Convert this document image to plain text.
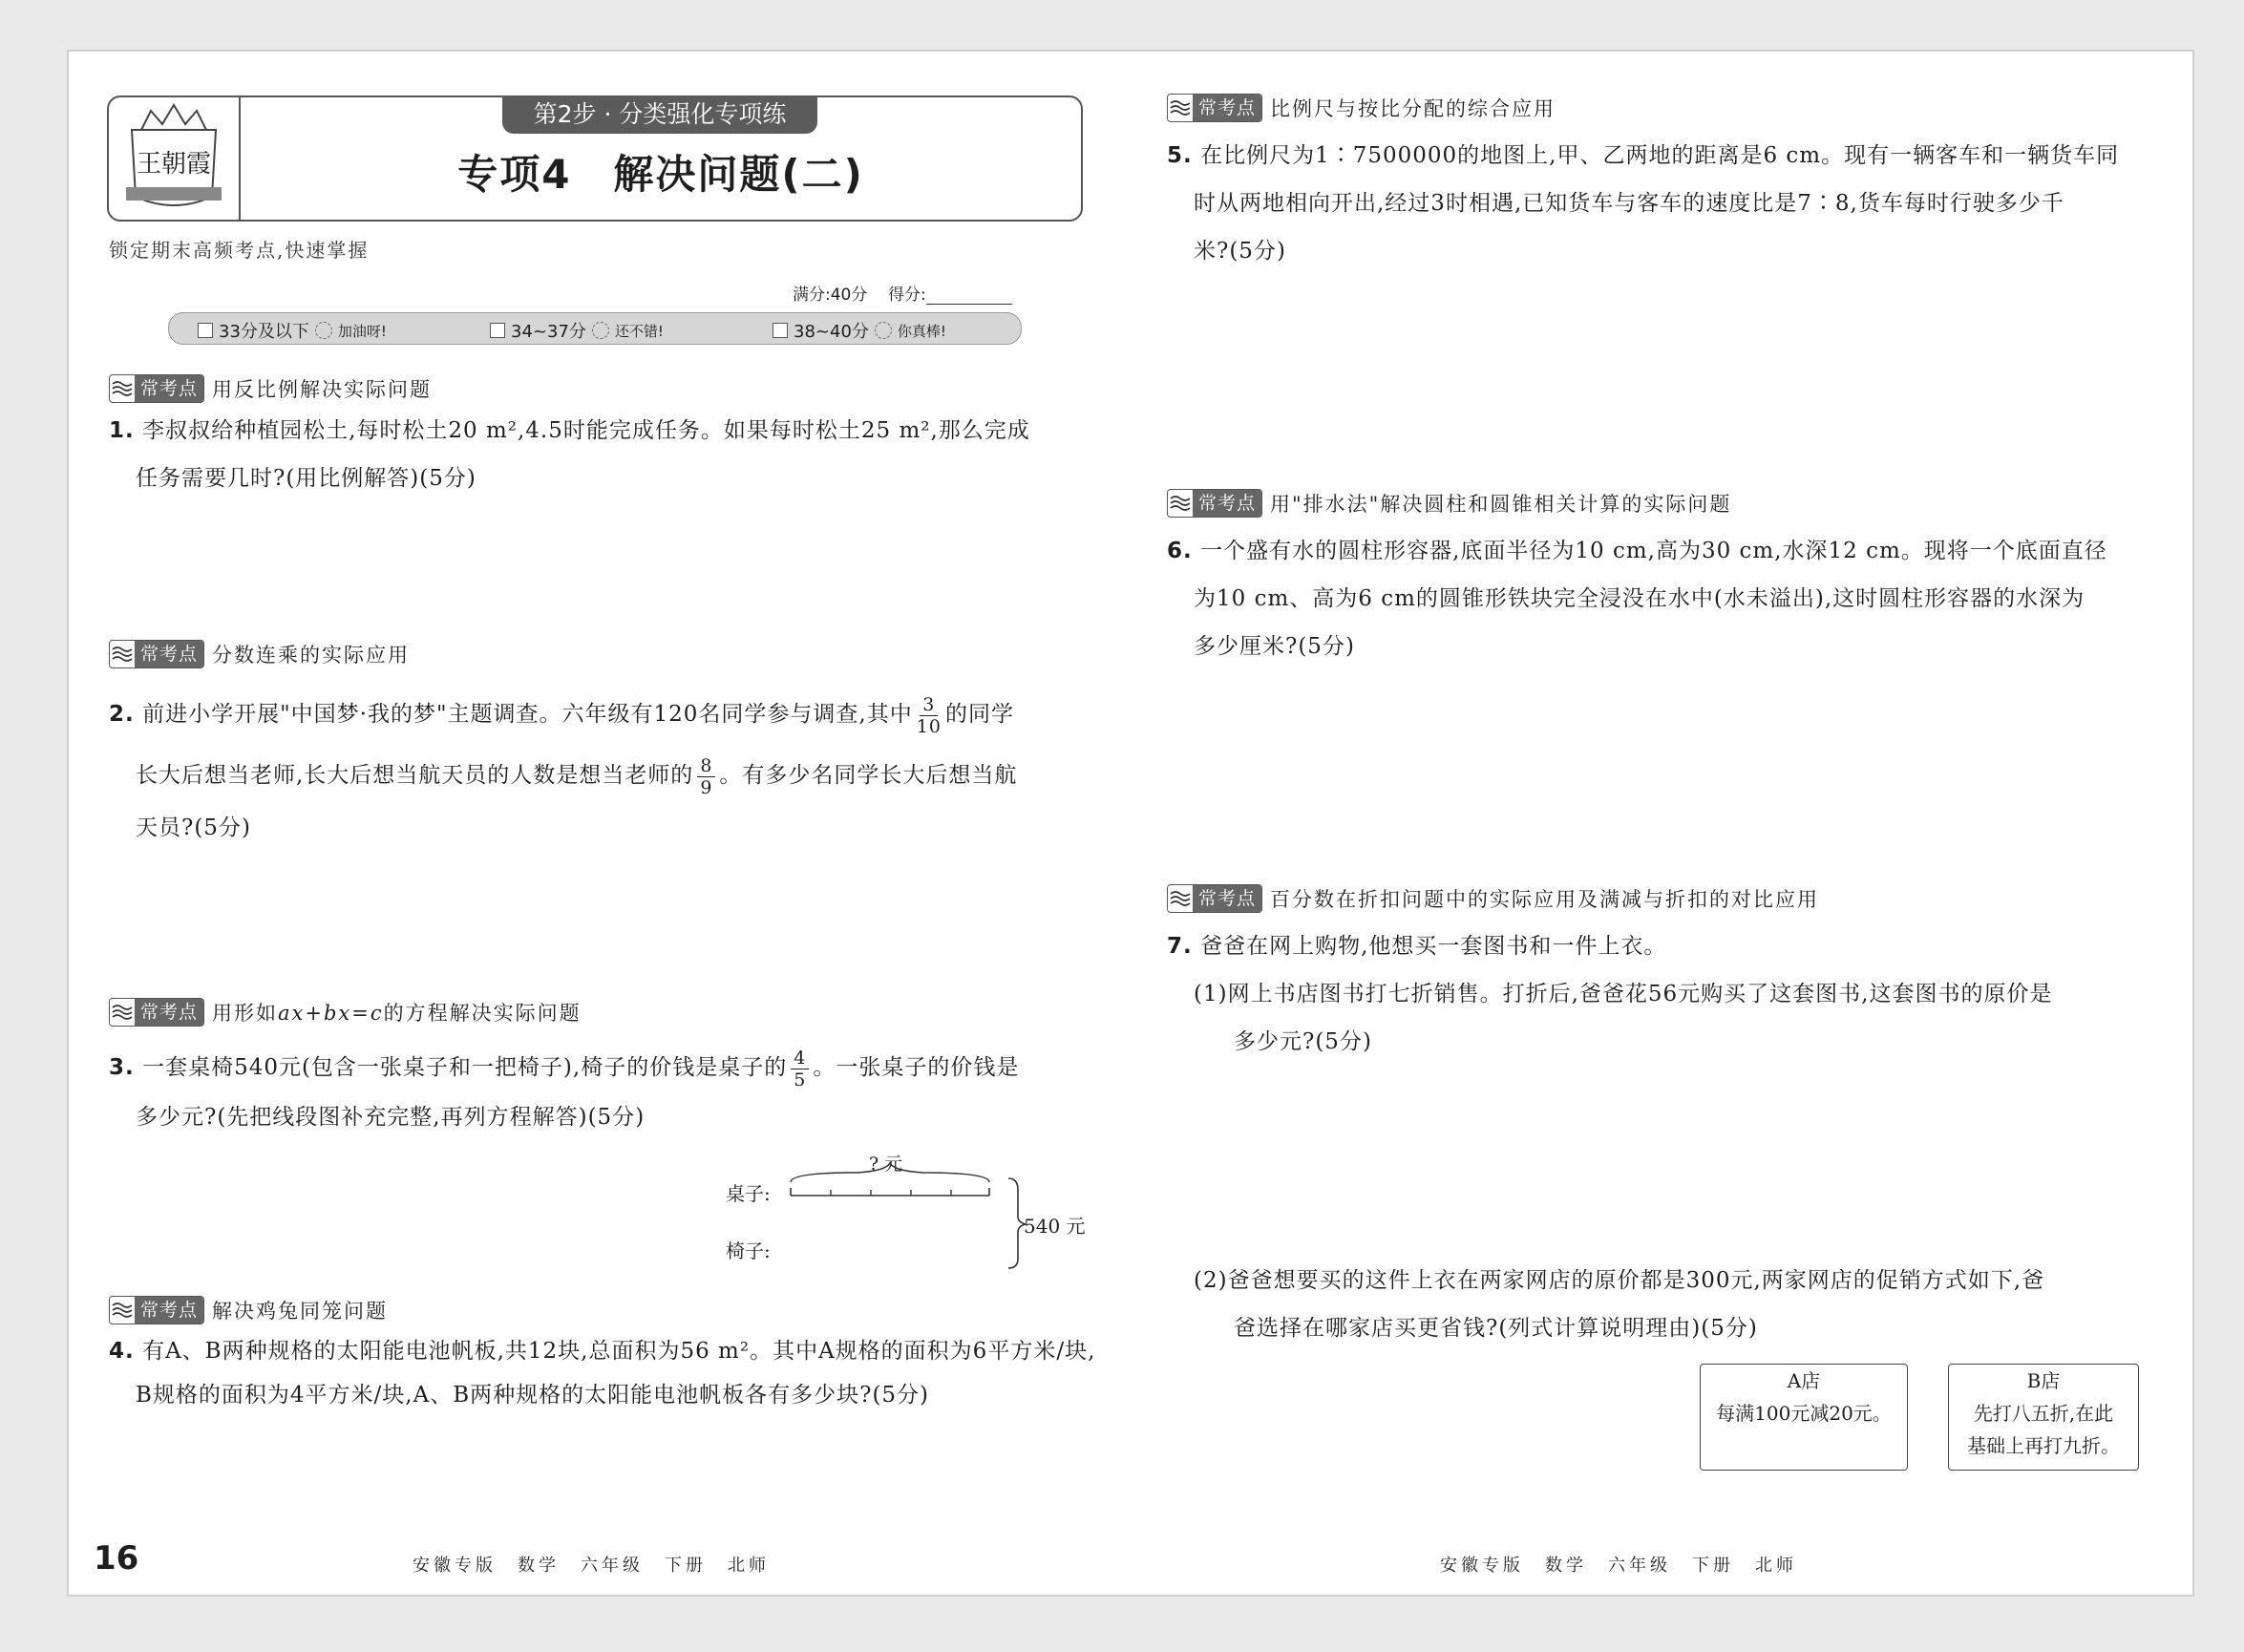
王朝霞
第2步 · 分类强化专项练
专项4　解决问题(二)
锁定期末高频考点,快速掌握
满分:40分 得分:
33分及以下 加油呀!	34~37分 还不错!	38~40分 你真棒!
常考点 用反比例解决实际问题
1. 李叔叔给种植园松土,每时松土20 m²,4.5时能完成任务。如果每时松土25 m²,那么完成
任务需要几时?(用比例解答)(5分)
常考点 分数连乘的实际应用
2. 前进小学开展"中国梦·我的梦"主题调查。六年级有120名同学参与调查,其中 $\frac{3}{10}$ 的同学
长大后想当老师,长大后想当航天员的人数是想当老师的 $\frac{8}{9}$ 。有多少名同学长大后想当航
天员?(5分)
常考点 用形如ax+bx=c的方程解决实际问题
3. 一套桌椅540元(包含一张桌子和一把椅子),椅子的价钱是桌子的 $\frac{4}{5}$ 。一张桌子的价钱是
多少元?(先把线段图补充完整,再列方程解答)(5分)
? 元
桌子:
椅子:
540 元
常考点 解决鸡兔同笼问题
4. 有A、B两种规格的太阳能电池帆板,共12块,总面积为56 m²。其中A规格的面积为6平方米/块,
B规格的面积为4平方米/块,A、B两种规格的太阳能电池帆板各有多少块?(5分)
常考点 比例尺与按比分配的综合应用
5. 在比例尺为1∶7500000的地图上,甲、乙两地的距离是6 cm。现有一辆客车和一辆货车同
时从两地相向开出,经过3时相遇,已知货车与客车的速度比是7∶8,货车每时行驶多少千
米?(5分)
常考点 用"排水法"解决圆柱和圆锥相关计算的实际问题
6. 一个盛有水的圆柱形容器,底面半径为10 cm,高为30 cm,水深12 cm。现将一个底面直径
为10 cm、高为6 cm的圆锥形铁块完全浸没在水中(水未溢出),这时圆柱形容器的水深为
多少厘米?(5分)
常考点 百分数在折扣问题中的实际应用及满减与折扣的对比应用
7. 爸爸在网上购物,他想买一套图书和一件上衣。
(1)网上书店图书打七折销售。打折后,爸爸花56元购买了这套图书,这套图书的原价是
多少元?(5分)
(2)爸爸想要买的这件上衣在两家网店的原价都是300元,两家网店的促销方式如下,爸
爸选择在哪家店买更省钱?(列式计算说明理由)(5分)
A店
每满100元减20元。
B店
先打八五折,在此
基础上再打九折。
16	安徽专版　数学　六年级　下册　北师	安徽专版　数学　六年级　下册　北师
